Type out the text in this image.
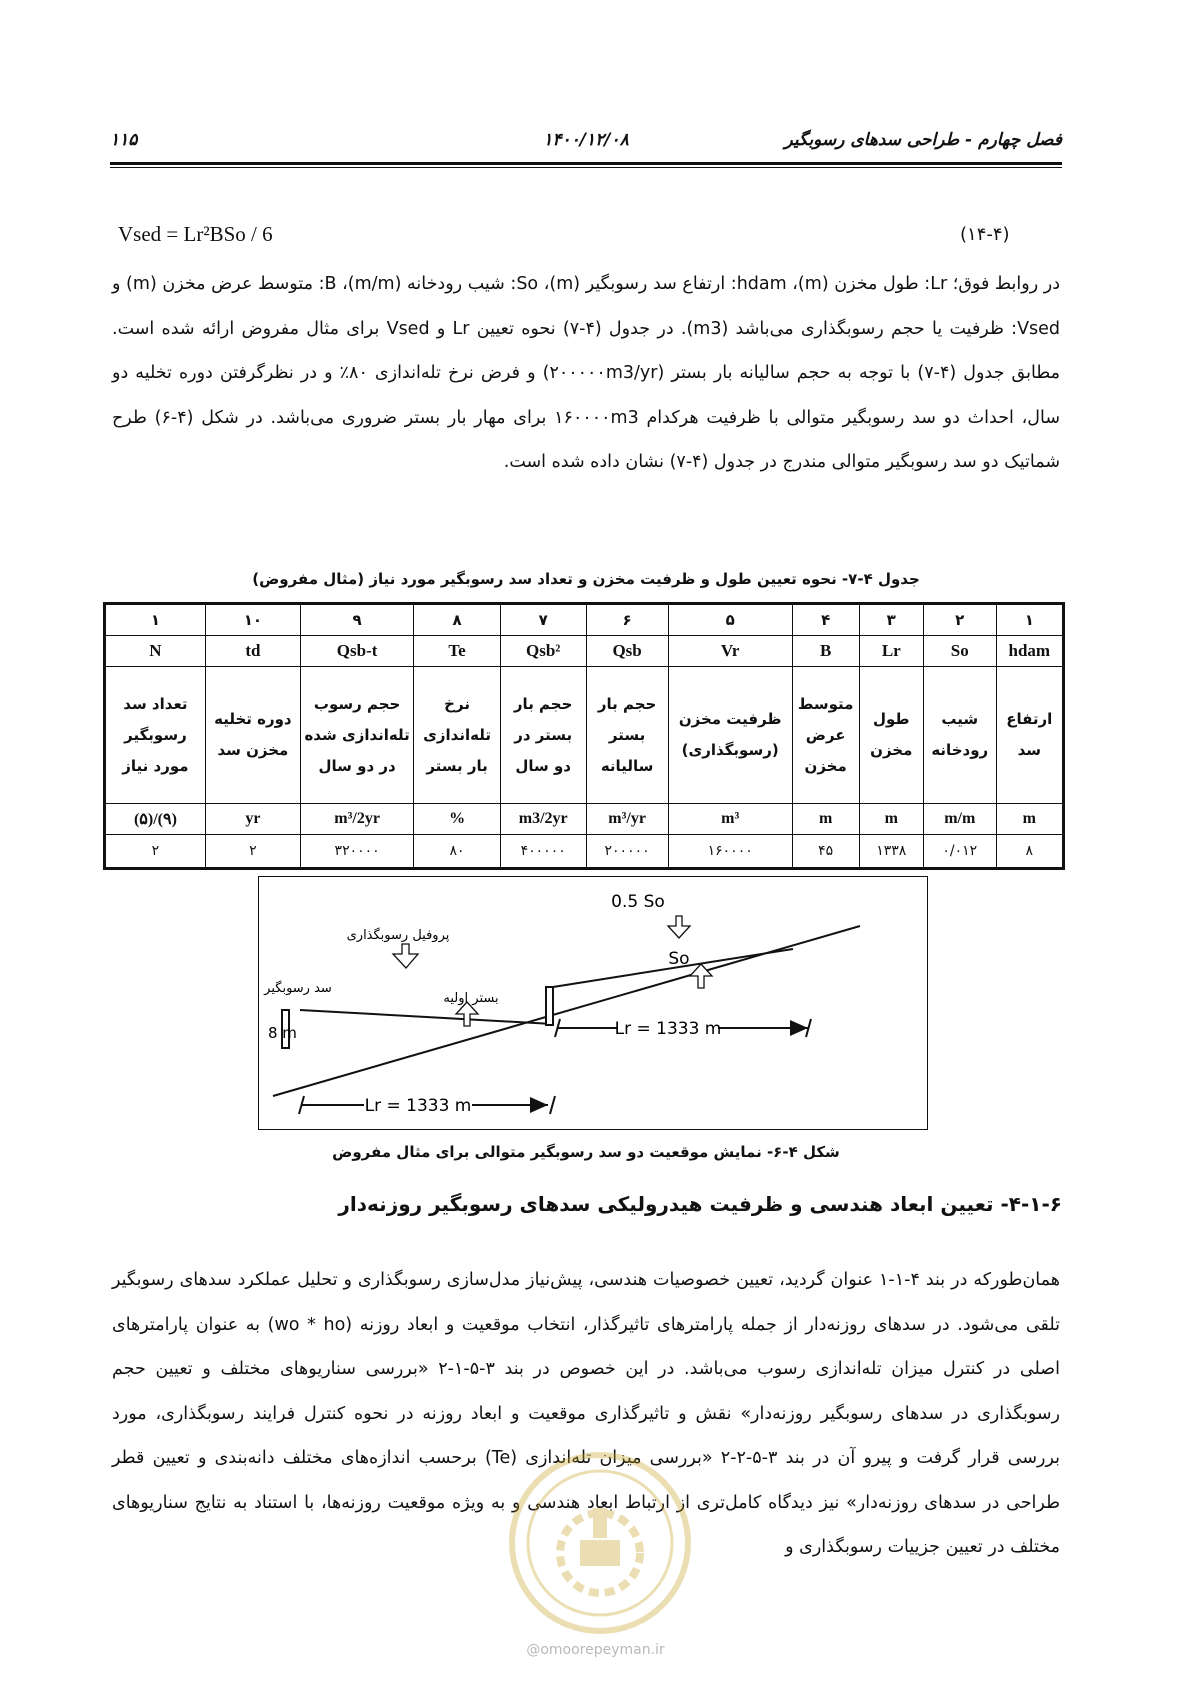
فصل چهارم - طراحی سدهای رسوبگیر
۱۴۰۰/۱۲/۰۸
۱۱۵
Vsed = Lr²BSo / 6	(۱۴-۴)
در روابط فوق؛ Lr: طول مخزن (m)، hdam: ارتفاع سد رسوبگیر (m)، So: شیب رودخانه (m/m)، B: متوسط عرض مخزن (m) و Vsed: ظرفیت یا حجم رسوبگذاری می‌باشد (m3). در جدول (۴-۷) نحوه تعیین Lr و Vsed برای مثال مفروض ارائه شده است. مطابق جدول (۴-۷) با توجه به حجم سالیانه بار بستر (۲۰۰۰۰۰m3/yr) و فرض نرخ تله‌اندازی ۸۰٪ و در نظرگرفتن دوره تخلیه دو سال، احداث دو سد رسوبگیر متوالی با ظرفیت هرکدام ۱۶۰۰۰۰m3 برای مهار بار بستر ضروری می‌باشد. در شکل (۴-۶) طرح شماتیک دو سد رسوبگیر متوالی مندرج در جدول (۴-۷) نشان داده شده است.
جدول ۴-۷- نحوه تعیین طول و ظرفیت مخزن و تعداد سد رسوبگیر مورد نیاز (مثال مفروض)
۱	۲	۳	۴	۵	۶	۷	۸	۹	۱۰	۱
hdam	So	Lr	B	Vr	Qsb	Qsb²	Te	Qsb-t	td	N
ارتفاع سد	شیب رودخانه	طول مخزن	متوسط عرض مخزن	ظرفیت مخزن (رسوبگذاری)	حجم بار بستر سالیانه	حجم بار بستر در دو سال	نرخ تله‌اندازی بار بستر	حجم رسوب تله‌اندازی شده در دو سال	دوره تخلیه مخزن سد	تعداد سد رسوبگیر مورد نیاز
m	m/m	m	m	m³	m³/yr	m3/2yr	%	m³/2yr	yr	(۹)/(۵)
۸	۰/۰۱۲	۱۳۳۸	۴۵	۱۶۰۰۰۰	۲۰۰۰۰۰	۴۰۰۰۰۰	۸۰	۳۲۰۰۰۰	۲	۲
Lr = 1333 m
Lr = 1333 m
0.5 So
So
پروفیل رسوبگذاری
سد رسوبگیر
بستر اولیه
8 m
شکل ۴-۶- نمایش موقعیت دو سد رسوبگیر متوالی برای مثال مفروض
۴-۱-۶- تعیین ابعاد هندسی و ظرفیت هیدرولیکی سدهای رسوبگیر روزنه‌دار
همان‌طورکه در بند ۴-۱-۱ عنوان گردید، تعیین خصوصیات هندسی، پیش‌نیاز مدل‌سازی رسوبگذاری و تحلیل عملکرد سدهای رسوبگیر تلقی می‌شود. در سدهای روزنه‌دار از جمله پارامترهای تاثیرگذار، انتخاب موقعیت و ابعاد روزنه (wo * ho) به عنوان پارامترهای اصلی در کنترل میزان تله‌اندازی رسوب می‌باشد. در این خصوص در بند ۳-۵-۱-۲ «بررسی سناریوهای مختلف و تعیین حجم رسوبگذاری در سدهای رسوبگیر روزنه‌دار» نقش و تاثیرگذاری موقعیت و ابعاد روزنه در نحوه کنترل فرایند رسوبگذاری، مورد بررسی قرار گرفت و پیرو آن در بند ۳-۵-۲-۲ «بررسی میزان تله‌اندازی (Te) برحسب اندازه‌های مختلف دانه‌بندی و تعیین قطر طراحی در سدهای روزنه‌دار» نیز دیدگاه کامل‌تری از ارتباط ابعاد هندسی و به ویژه موقعیت روزنه‌ها، با استناد به نتایج سناریوهای مختلف در تعیین جزییات رسوبگذاری و
@omoorepeyman.ir
